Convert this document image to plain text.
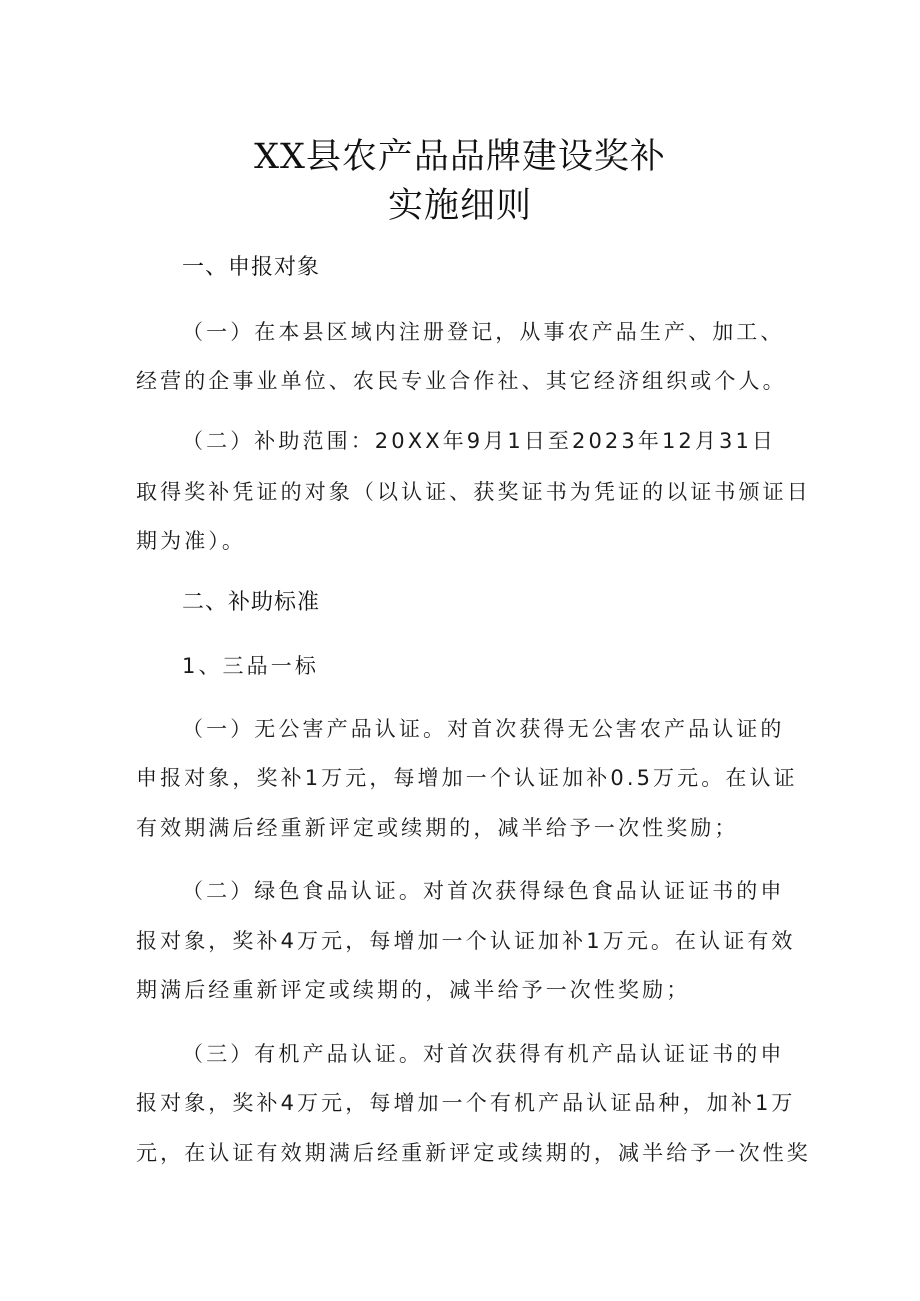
XX县农产品品牌建设奖补
实施细则
一、申报对象
（一）在本县区域内注册登记，从事农产品生产、加工、
经营的企事业单位、农民专业合作社、其它经济组织或个人。
（二）补助范围：20XX年9月1日至2023年12月31日
取得奖补凭证的对象（以认证、获奖证书为凭证的以证书颁证日
期为准）。
二、补助标准
1、三品一标
（一）无公害产品认证。对首次获得无公害农产品认证的
申报对象，奖补1万元，每增加一个认证加补0.5万元。在认证
有效期满后经重新评定或续期的，减半给予一次性奖励；
（二）绿色食品认证。对首次获得绿色食品认证证书的申
报对象，奖补4万元，每增加一个认证加补1万元。在认证有效
期满后经重新评定或续期的，减半给予一次性奖励；
（三）有机产品认证。对首次获得有机产品认证证书的申
报对象，奖补4万元，每增加一个有机产品认证品种，加补1万
元，在认证有效期满后经重新评定或续期的，减半给予一次性奖
